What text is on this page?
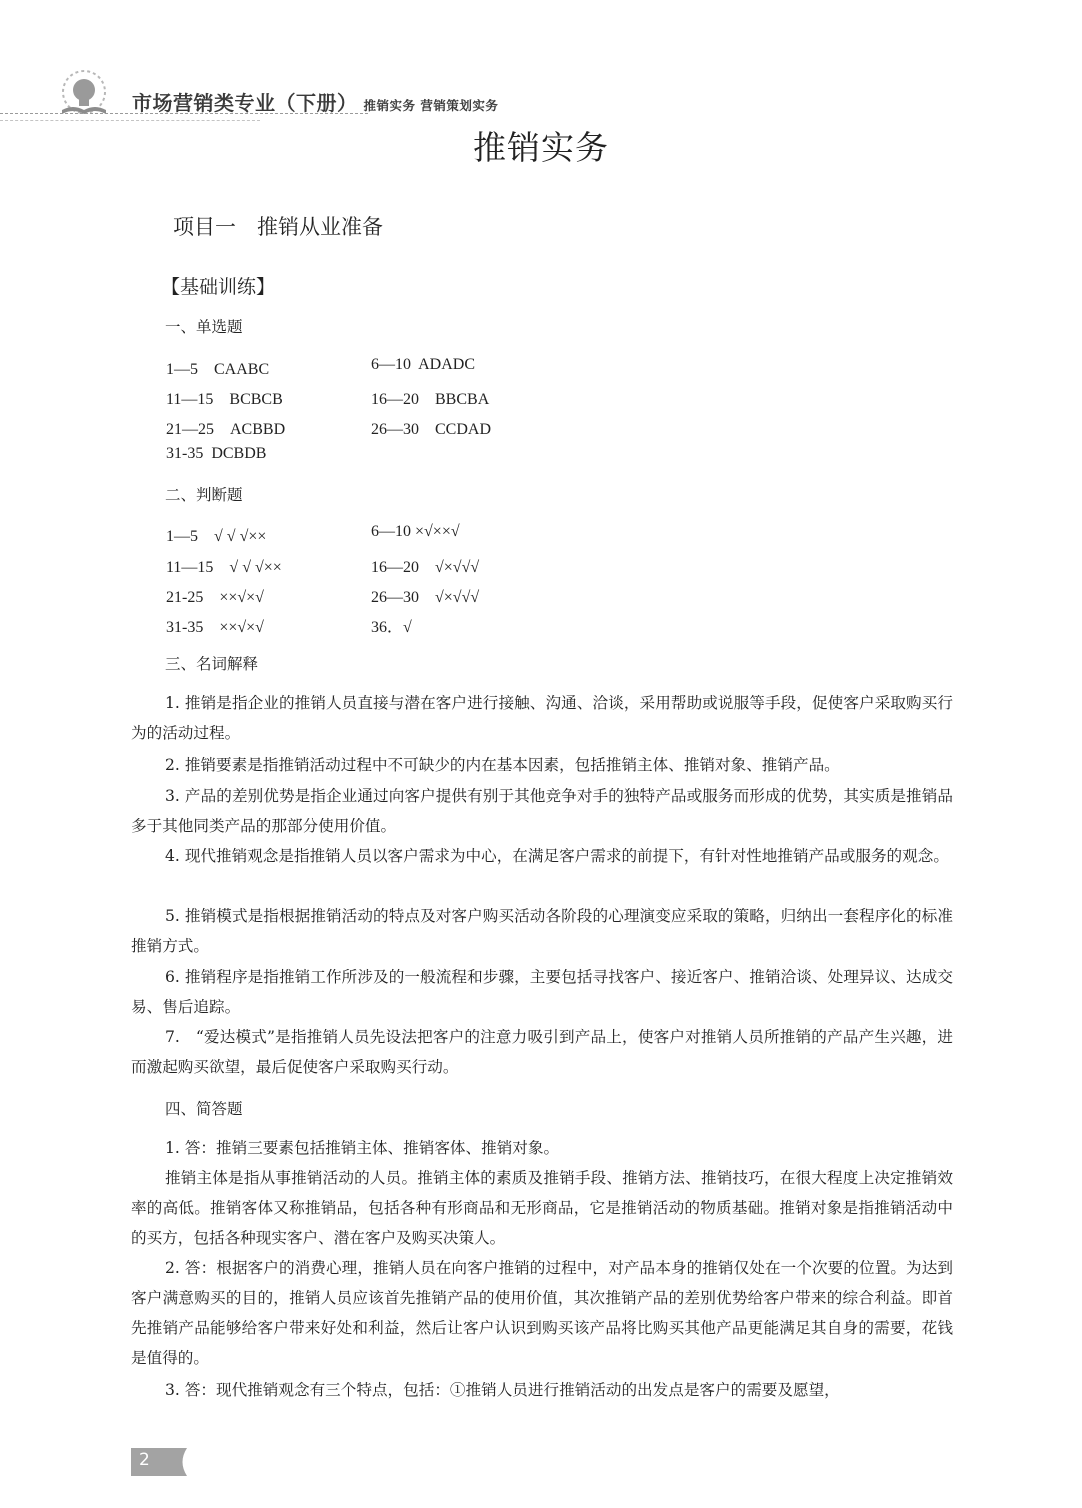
市场营销类专业（下册） 推销实务 营销策划实务
推销实务
项目一　推销从业准备
【基础训练】
一、单选题
1—5　CAABC	6—10  ADADC
11—15　BCBCB	16—20　BBCBA
21—25　ACBBD	26—30　CCDAD
31-35  DCBDB
二、判断题
1—5　√ √ √××	6—10 ×√××√
11—15　√ √ √××	16—20　√×√√√
21-25　××√×√	26—30　√×√√√
31-35　××√×√	36．√
三、名词解释

1. 推销是指企业的推销人员直接与潜在客户进行接触、沟通、洽谈，采用帮助或说服等手段，促使客户采取购买行为的活动过程。

2. 推销要素是指推销活动过程中不可缺少的内在基本因素，包括推销主体、推销对象、推销产品。

3. 产品的差别优势是指企业通过向客户提供有别于其他竞争对手的独特产品或服务而形成的优势，其实质是推销品多于其他同类产品的那部分使用价值。

4. 现代推销观念是指推销人员以客户需求为中心，在满足客户需求的前提下，有针对性地推销产品或服务的观念。

5. 推销模式是指根据推销活动的特点及对客户购买活动各阶段的心理演变应采取的策略，归纳出一套程序化的标准推销方式。

6. 推销程序是指推销工作所涉及的一般流程和步骤，主要包括寻找客户、接近客户、推销洽谈、处理异议、达成交易、售后追踪。

7.　“爱达模式”是指推销人员先设法把客户的注意力吸引到产品上，使客户对推销人员所推销的产品产生兴趣，进而激起购买欲望，最后促使客户采取购买行动。

四、简答题

1. 答：推销三要素包括推销主体、推销客体、推销对象。

推销主体是指从事推销活动的人员。推销主体的素质及推销手段、推销方法、推销技巧，在很大程度上决定推销效率的高低。推销客体又称推销品，包括各种有形商品和无形商品，它是推销活动的物质基础。推销对象是指推销活动中的买方，包括各种现实客户、潜在客户及购买决策人。

2. 答：根据客户的消费心理，推销人员在向客户推销的过程中，对产品本身的推销仅处在一个次要的位置。为达到客户满意购买的目的，推销人员应该首先推销产品的使用价值，其次推销产品的差别优势给客户带来的综合利益。即首先推销产品能够给客户带来好处和利益，然后让客户认识到购买该产品将比购买其他产品更能满足其自身的需要，花钱是值得的。

3. 答：现代推销观念有三个特点，包括：①推销人员进行推销活动的出发点是客户的需要及愿望，

2
